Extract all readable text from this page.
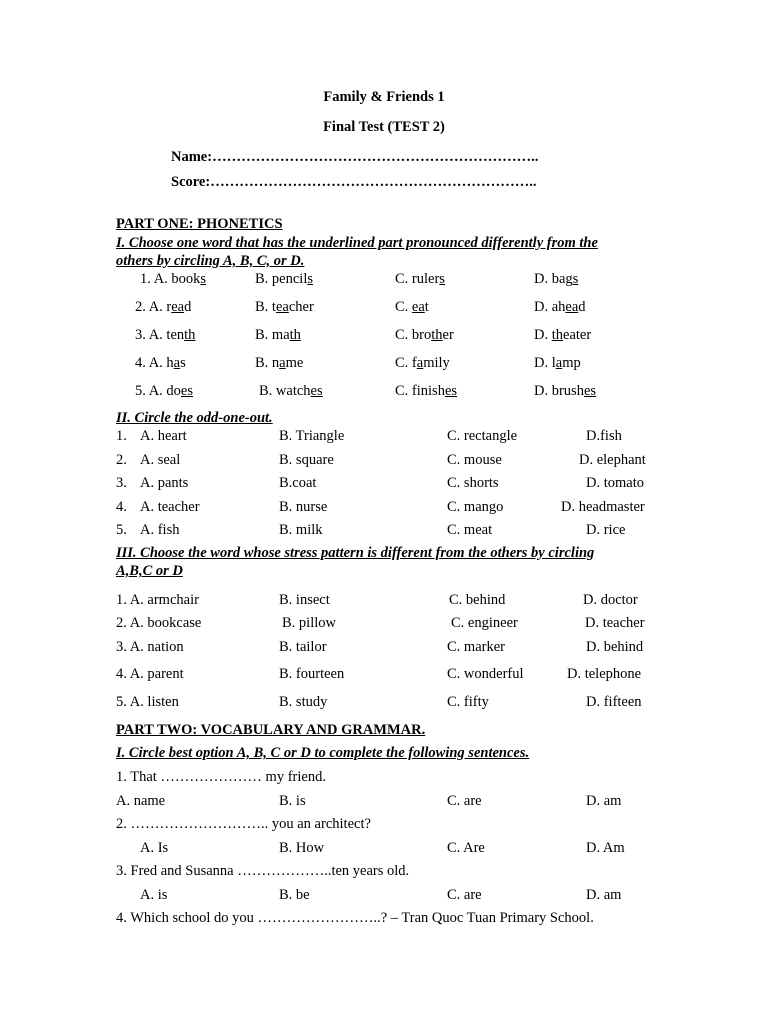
Family & Friends 1
Final Test (TEST 2)
Name:…………………………………………………………..
Score:…………………………………………………………..
PART ONE: PHONETICS
I. Choose one word that has the underlined part pronounced differently from the
others by circling A, B, C, or D.
1. A. books	B. pencils	C. rulers	D. bags
2. A. read	B. teacher	C. eat	D. ahead
3. A. tenth	B. math	C. brother	D. theater
4. A. has	B. name	C. family	D. lamp
5. A. does	B. watches	C. finishes	D. brushes
II. Circle the odd-one-out.
1. A. heart	B. Triangle	C. rectangle	D.fish
2. A. seal	B. square	C. mouse	D. elephant
3. A. pants	B.coat	C. shorts	D. tomato
4. A. teacher	B. nurse	C. mango	D. headmaster
5. A. fish	B. milk	C. meat	D. rice
III. Choose the word whose stress pattern is different from the others by circling
A,B,C or D
1. A. armchair	B. insect	C. behind	D. doctor
2. A. bookcase	B. pillow	C. engineer	D. teacher
3. A. nation	B. tailor	C. marker	D. behind
4. A. parent	B. fourteen	C. wonderful	D. telephone
5. A. listen	B. study	C. fifty	D. fifteen
PART TWO: VOCABULARY AND GRAMMAR.
I. Circle best option A, B, C or D to complete the following sentences.
1. That ………………… my friend.
A. name	B. is	C. are	D. am
2. ……………………….. you an architect?
A. Is	B. How	C. Are	D. Am
3. Fred and Susanna ………………..ten years old.
A. is	B. be	C. are	D. am
4. Which school do you ……………………..? – Tran Quoc Tuan Primary School.
